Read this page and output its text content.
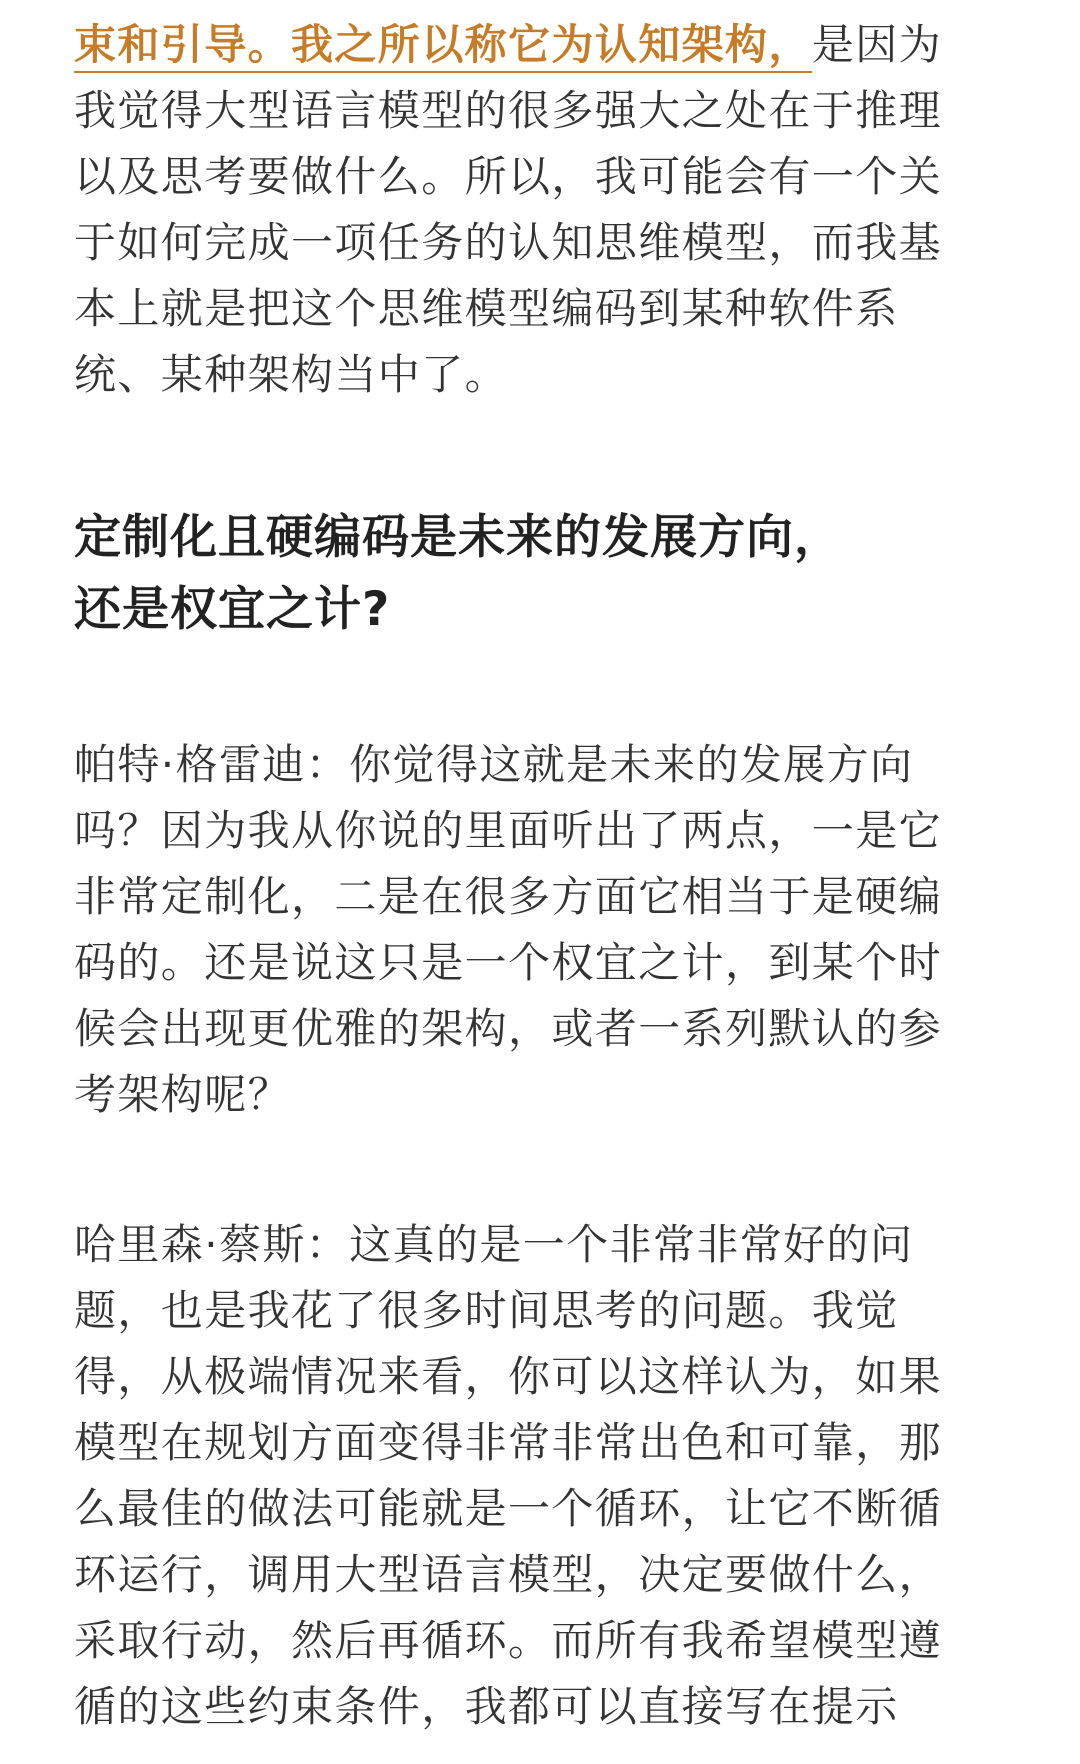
束和引导。我之所以称它为认知架构，是因为
我觉得大型语言模型的很多强大之处在于推理
以及思考要做什么。所以，我可能会有一个关
于如何完成一项任务的认知思维模型，而我基
本上就是把这个思维模型编码到某种软件系
统、某种架构当中了。

定制化且硬编码是未来的发展方向，
还是权宜之计?

帕特·格雷迪：你觉得这就是未来的发展方向
吗？因为我从你说的里面听出了两点，一是它
非常定制化，二是在很多方面它相当于是硬编
码的。还是说这只是一个权宜之计，到某个时
候会出现更优雅的架构，或者一系列默认的参
考架构呢？

哈里森·蔡斯：这真的是一个非常非常好的问
题，也是我花了很多时间思考的问题。我觉
得，从极端情况来看，你可以这样认为，如果
模型在规划方面变得非常非常出色和可靠，那
么最佳的做法可能就是一个循环，让它不断循
环运行，调用大型语言模型，决定要做什么，
采取行动，然后再循环。而所有我希望模型遵
循的这些约束条件，我都可以直接写在提示
